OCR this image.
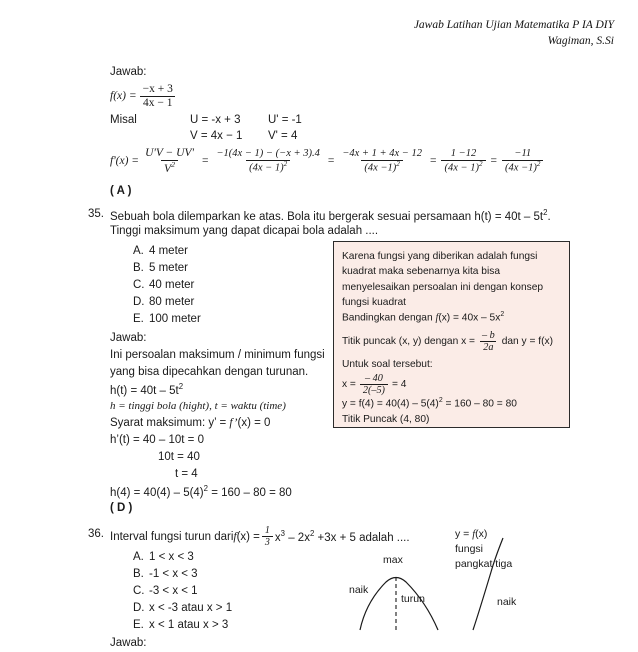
Jawab Latihan Ujian Matematika P IA DIY
Wagiman, S.Si
Jawab:
$f(x) = \frac{-x + 3}{4x - 1}$
Misal	U = -x + 3 U' = -1
V = 4x − 1 V' = 4
$f'(x) = \frac{U'V - UV'}{V^2} = \frac{-1(4x - 1) - (-x + 3).4}{(4x - 1)^2} = \frac{-4x + 1 + 4x - 12}{(4x -1)^2} = \frac{1 -12}{(4x - 1)^2} = \frac{-11}{(4x -1)^2}$
( A )
35. Sebuah bola dilemparkan ke atas. Bola itu bergerak sesuai persamaan $h(t) = 40t - 5t^2$.
Tinggi maksimum yang dapat dicapai bola adalah ....
A. 4 meter
B. 5 meter
C. 40 meter
D. 80 meter
E. 100 meter
Jawab:
Ini persoalan maksimum / minimum fungsi
yang bisa dipecahkan dengan turunan.
$h(t) = 40t - 5t^2$
h = tinggi bola (hight), t = waktu (time)
Syarat maksimum: y’ = f’(x) = 0
h’(t) = 40 – 10t = 0
10t = 40
t = 4
$h(4) = 40(4) - 5(4)^2 = 160 - 80 = 80$
( D )
Karena fungsi yang diberikan adalah fungsi
kuadrat maka sebenarnya kita bisa
menyelesaikan persoalan ini dengan konsep
fungsi kuadrat
Bandingkan dengan $f(x) = 40x - 5x^2$
Titik puncak (x, y) dengan $x = \frac{- b}{2a}$ dan y = f(x)
Untuk soal tersebut:
$x = \frac{- 40}{2(-5)} = 4$
$y = f(4) = 40(4) - 5(4)^2 = 160 - 80 = 80$
Titik Puncak (4, 80)
36. Interval fungsi turun dari f $(x) = \frac{1}{3} x^3 - 2x^2 +3x + 5$ adalah ....
A. 1 < x < 3
B. -1 < x < 3
C. -3 < x < 1
D. x < -3 atau x > 1
E. x < 1 atau x > 3
Jawab:
max
naik
turun
y = f(x)
fungsi
pangkat tiga
naik
